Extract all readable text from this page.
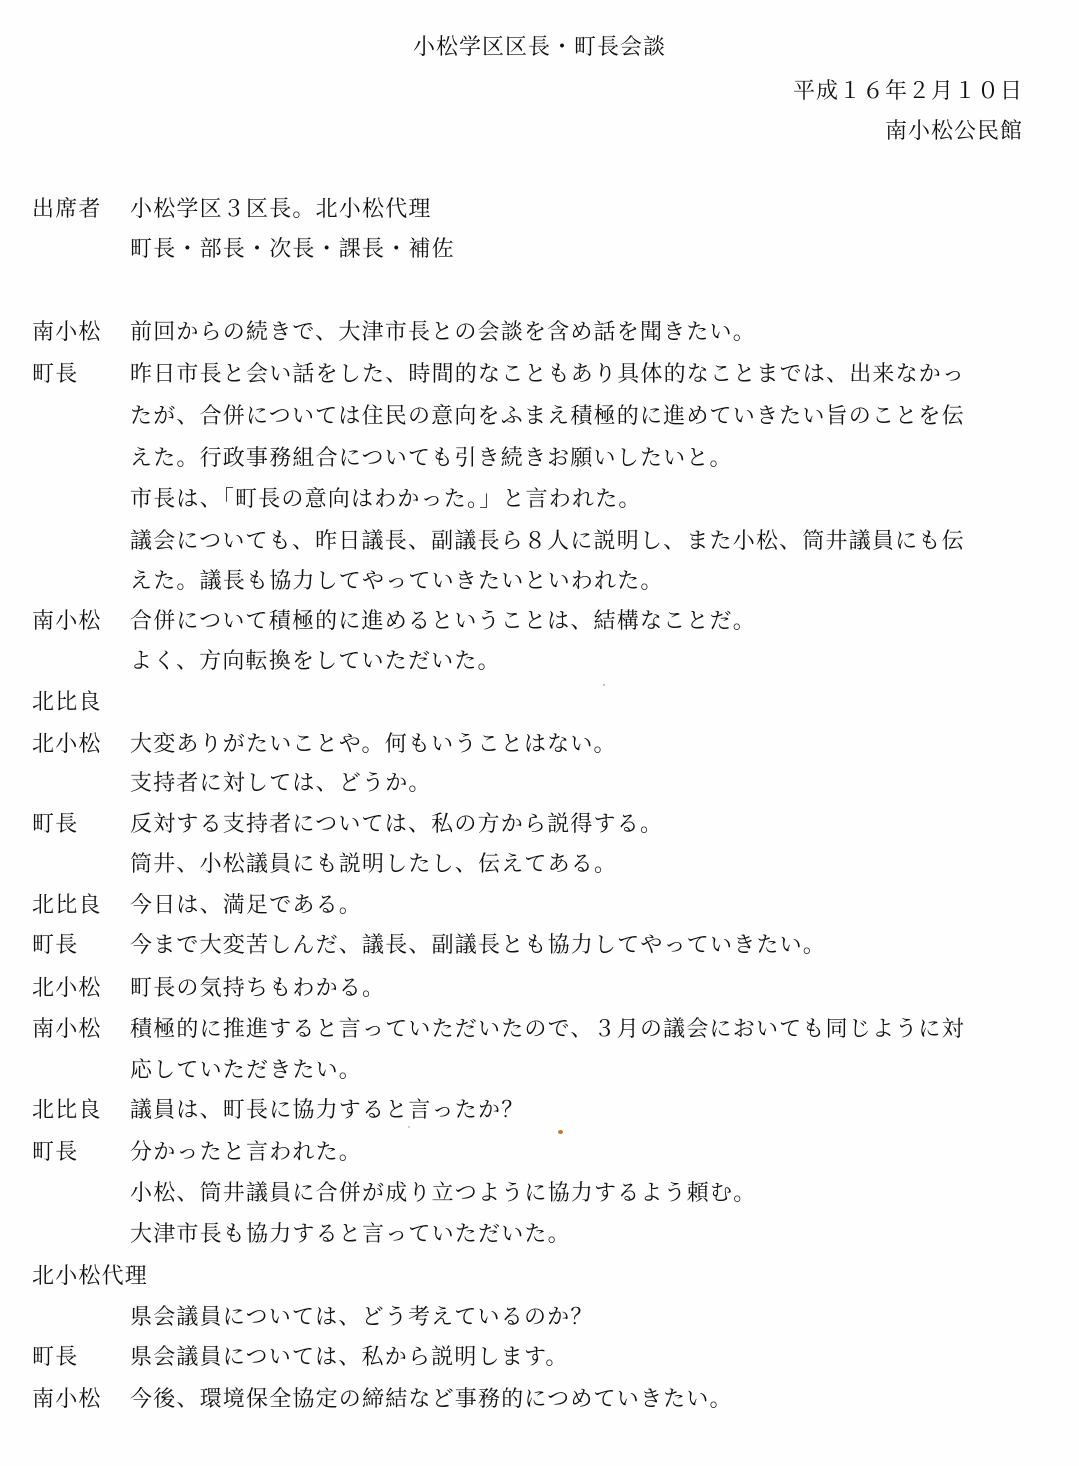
小松学区区長・町長会談
平成１６年２月１０日
南小松公民館
出席者 小松学区３区長。北小松代理
町長・部長・次長・課長・補佐
南小松 前回からの続きで、大津市長との会談を含め話を聞きたい。
町長 昨日市長と会い話をした、時間的なこともあり具体的なことまでは、出来なかっ
たが、合併については住民の意向をふまえ積極的に進めていきたい旨のことを伝
えた。行政事務組合についても引き続きお願いしたいと。
市長は、「町長の意向はわかった。」と言われた。
議会についても、昨日議長、副議長ら８人に説明し、また小松、筒井議員にも伝
えた。議長も協力してやっていきたいといわれた。
南小松 合併について積極的に進めるということは、結構なことだ。
よく、方向転換をしていただいた。
北比良
北小松 大変ありがたいことや。何もいうことはない。
支持者に対しては、どうか。
町長 反対する支持者については、私の方から説得する。
筒井、小松議員にも説明したし、伝えてある。
北比良 今日は、満足である。
町長 今まで大変苦しんだ、議長、副議長とも協力してやっていきたい。
北小松 町長の気持ちもわかる。
南小松 積極的に推進すると言っていただいたので、３月の議会においても同じように対
応していただきたい。
北比良 議員は、町長に協力すると言ったか？
町長 分かったと言われた。
小松、筒井議員に合併が成り立つように協力するよう頼む。
大津市長も協力すると言っていただいた。
北小松代理
県会議員については、どう考えているのか？
町長 県会議員については、私から説明します。
南小松 今後、環境保全協定の締結など事務的につめていきたい。
